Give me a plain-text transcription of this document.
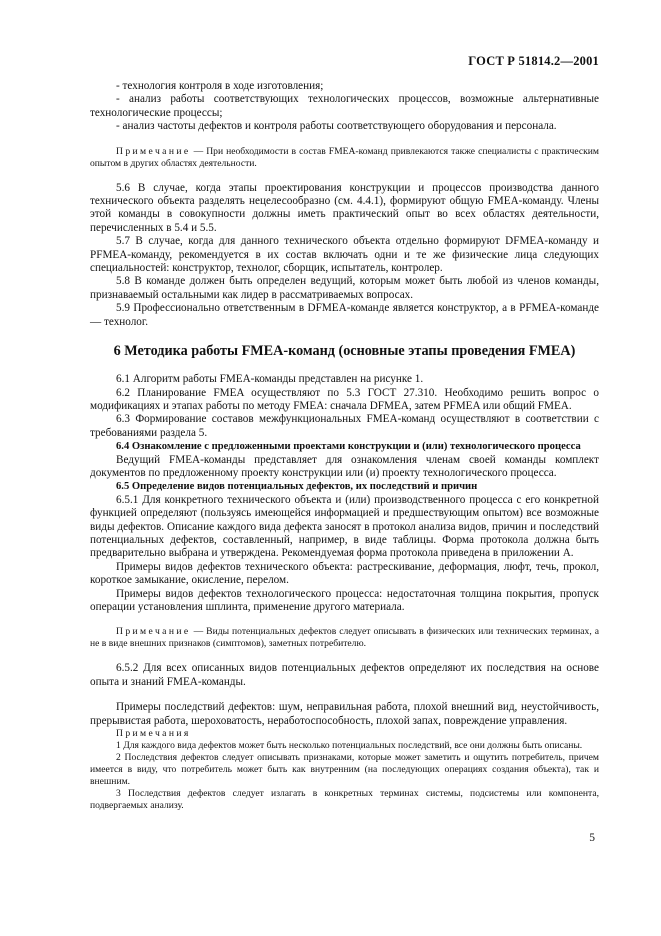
ГОСТ Р 51814.2—2001

- технология контроля в ходе изготовления;

- анализ работы соответствующих технологических процессов, возможные альтернативные технологические процессы;

- анализ частоты дефектов и контроля работы соответствующего оборудования и персонала.

Примечание — При необходимости в состав FMEA-команд привлекаются также специалисты с практическим опытом в других областях деятельности.

5.6 В случае, когда этапы проектирования конструкции и процессов производства данного технического объекта разделять нецелесообразно (см. 4.4.1), формируют общую FMEA-команду. Члены этой команды в совокупности должны иметь практический опыт во всех областях деятельности, перечисленных в 5.4 и 5.5.

5.7 В случае, когда для данного технического объекта отдельно формируют DFMEA-команду и PFMEA-команду, рекомендуется в их состав включать одни и те же физические лица следующих специальностей: конструктор, технолог, сборщик, испытатель, контролер.

5.8 В команде должен быть определен ведущий, которым может быть любой из членов команды, признаваемый остальными как лидер в рассматриваемых вопросах.

5.9 Профессионально ответственным в DFMEA-команде является конструктор, а в PFMEA-команде — технолог.

6 Методика работы FMEA-команд (основные этапы проведения FMEA)

6.1 Алгоритм работы FMEA-команды представлен на рисунке 1.

6.2 Планирование FMEA осуществляют по 5.3 ГОСТ 27.310. Необходимо решить вопрос о модификациях и этапах работы по методу FMEA: сначала DFMEA, затем PFMEA или общий FMEA.

6.3 Формирование составов межфункциональных FMEA-команд осуществляют в соответствии с требованиями раздела 5.

6.4 Ознакомление с предложенными проектами конструкции и (или) технологического процесса

Ведущий FMEA-команды представляет для ознакомления членам своей команды комплект документов по предложенному проекту конструкции или (и) проекту технологического процесса.

6.5 Определение видов потенциальных дефектов, их последствий и причин

6.5.1 Для конкретного технического объекта и (или) производственного процесса с его конкретной функцией определяют (пользуясь имеющейся информацией и предшествующим опытом) все возможные виды дефектов. Описание каждого вида дефекта заносят в протокол анализа видов, причин и последствий потенциальных дефектов, составленный, например, в виде таблицы. Форма протокола должна быть предварительно выбрана и утверждена. Рекомендуемая форма протокола приведена в приложении А.

Примеры видов дефектов технического объекта: растрескивание, деформация, люфт, течь, прокол, короткое замыкание, окисление, перелом.

Примеры видов дефектов технологического процесса: недостаточная толщина покрытия, пропуск операции установления шплинта, применение другого материала.

Примечание — Виды потенциальных дефектов следует описывать в физических или технических терминах, а не в виде внешних признаков (симптомов), заметных потребителю.

6.5.2 Для всех описанных видов потенциальных дефектов определяют их последствия на основе опыта и знаний FMEA-команды.

Примеры последствий дефектов: шум, неправильная работа, плохой внешний вид, неустойчивость, прерывистая работа, шероховатость, неработоспособность, плохой запах, повреждение управления.

Примечания

1 Для каждого вида дефектов может быть несколько потенциальных последствий, все они должны быть описаны.

2 Последствия дефектов следует описывать признаками, которые может заметить и ощутить потребитель, причем имеется в виду, что потребитель может быть как внутренним (на последующих операциях создания объекта), так и внешним.

3 Последствия дефектов следует излагать в конкретных терминах системы, подсистемы или компонента, подвергаемых анализу.

5
